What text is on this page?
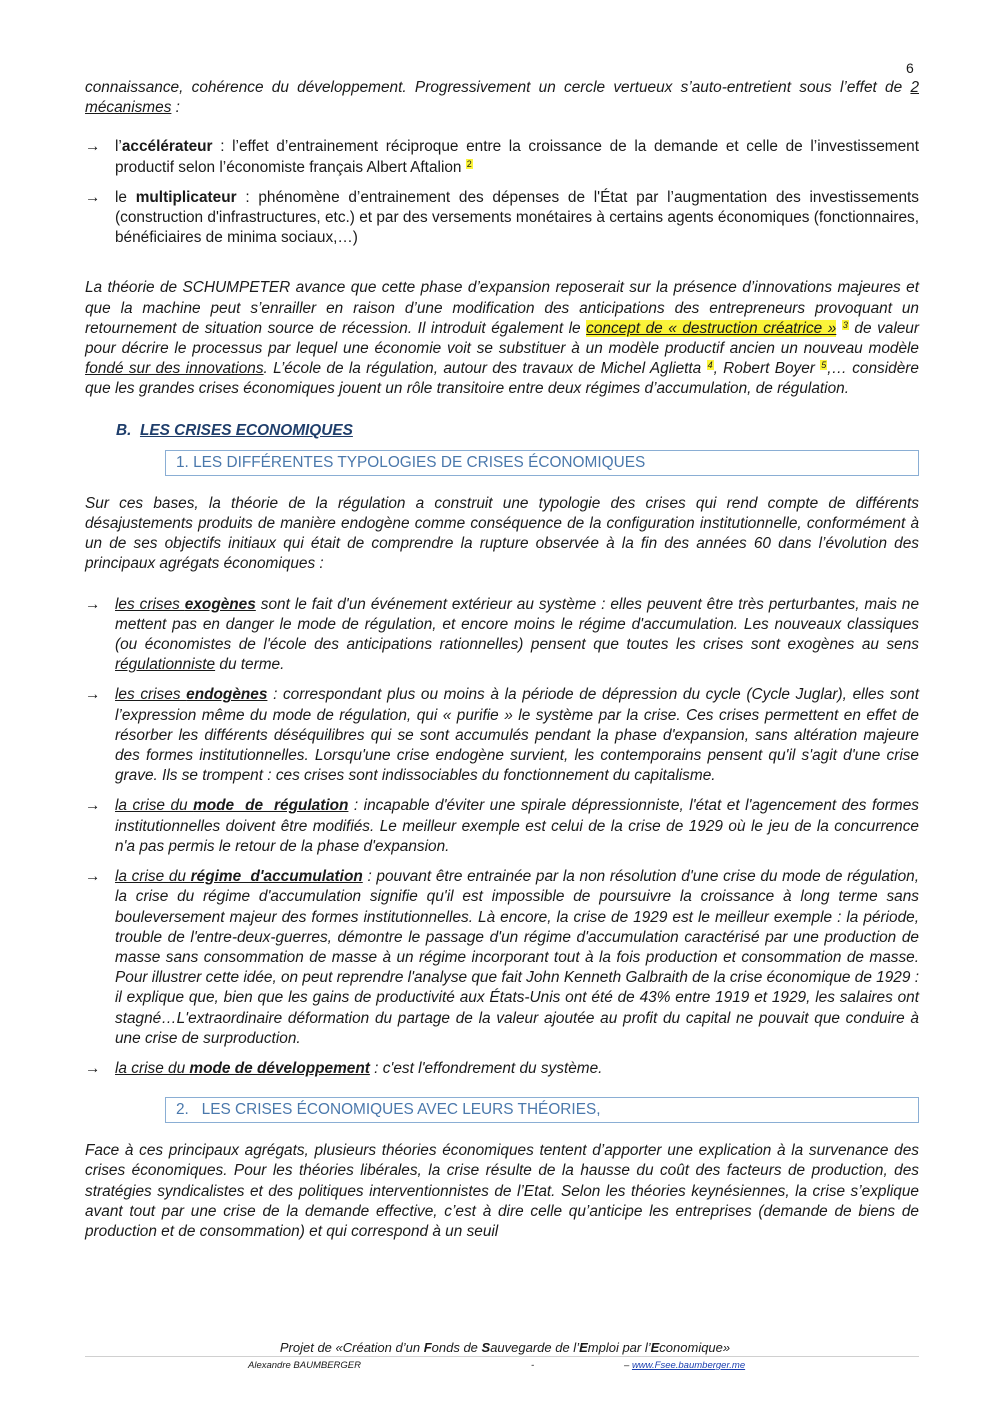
6

connaissance, cohérence du développement. Progressivement un cercle vertueux s’auto-entretient sous l’effet de 2 mécanismes :

→ l’accélérateur : l’effet d’entrainement réciproque entre la croissance de la demande et celle de l’investissement productif selon l’économiste français Albert Aftalion $^2$

→ le multiplicateur : phénomène d’entrainement des dépenses de l'État par l’augmentation des investissements (construction d'infrastructures, etc.) et par des versements monétaires à certains agents économiques (fonctionnaires, bénéficiaires de minima sociaux,…)

La théorie de SCHUMPETER avance que cette phase d’expansion reposerait sur la présence d’innovations majeures et que la machine peut s’enrailler en raison d’une modification des anticipations des entrepreneurs provoquant un retournement de situation source de récession. Il introduit également le concept de « destruction créatrice » $^3$ de valeur pour décrire le processus par lequel une économie voit se substituer à un modèle productif ancien un nouveau modèle fondé sur des innovations. L’école de la régulation, autour des travaux de Michel Aglietta $^4$, Robert Boyer $^5$,… considère que les grandes crises économiques jouent un rôle transitoire entre deux régimes d’accumulation, de régulation.

B. LES CRISES ECONOMIQUES

1. LES DIFFÉRENTES TYPOLOGIES DE CRISES ÉCONOMIQUES

Sur ces bases, la théorie de la régulation a construit une typologie des crises qui rend compte de différents désajustements produits de manière endogène comme conséquence de la configuration institutionnelle, conformément à un de ses objectifs initiaux qui était de comprendre la rupture observée à la fin des années 60 dans l’évolution des principaux agrégats économiques :

→ les crises exogènes sont le fait d'un événement extérieur au système : elles peuvent être très perturbantes, mais ne mettent pas en danger le mode de régulation, et encore moins le régime d'accumulation. Les nouveaux classiques (ou économistes de l'école des anticipations rationnelles) pensent que toutes les crises sont exogènes au sens régulationniste du terme.

→ les crises endogènes : correspondant plus ou moins à la période de dépression du cycle (Cycle Juglar), elles sont l’expression même du mode de régulation, qui « purifie » le système par la crise. Ces crises permettent en effet de résorber les différents déséquilibres qui se sont accumulés pendant la phase d'expansion, sans altération majeure des formes institutionnelles. Lorsqu'une crise endogène survient, les contemporains pensent qu'il s'agit d'une crise grave. Ils se trompent : ces crises sont indissociables du fonctionnement du capitalisme.

→ la crise du mode  de  régulation : incapable d'éviter une spirale dépressionniste, l'état et l'agencement des formes institutionnelles doivent être modifiés. Le meilleur exemple est celui de la crise de 1929 où le jeu de la concurrence n'a pas permis le retour de la phase d'expansion.

→ la crise du régime  d'accumulation : pouvant être entrainée par la non résolution d'une crise du mode de régulation, la crise du régime d'accumulation signifie qu'il est impossible de poursuivre la croissance à long terme sans bouleversement majeur des formes institutionnelles. Là encore, la crise de 1929 est le meilleur exemple : la période, trouble de l'entre-deux-guerres, démontre le passage d'un régime d'accumulation caractérisé par une production de masse sans consommation de masse à un régime incorporant tout à la fois production et consommation de masse. Pour illustrer cette idée, on peut reprendre l'analyse que fait John Kenneth Galbraith de la crise économique de 1929 : il explique que, bien que les gains de productivité aux États-Unis ont été de 43% entre 1919 et 1929, les salaires ont stagné…L'extraordinaire déformation du partage de la valeur ajoutée au profit du capital ne pouvait que conduire à une crise de surproduction.

→ la crise du mode de développement : c'est l'effondrement du système.

2.   LES CRISES ÉCONOMIQUES AVEC LEURS THÉORIES,

Face à ces principaux agrégats, plusieurs théories économiques tentent d’apporter une explication à la survenance des crises économiques. Pour les théories libérales, la crise résulte de la hausse du coût des facteurs de production, des stratégies syndicalistes et des politiques interventionnistes de l’Etat. Selon les théories keynésiennes, la crise s’explique avant tout par une crise de la demande effective, c’est à dire celle qu’anticipe les entreprises (demande de biens de production et de consommation) et qui correspond à un seuil

Projet de «Création d’un Fonds de Sauvegarde de l’Emploi par l’Economique»
Alexandre BAUMBERGER	-	– www.Fsee.baumberger.me
